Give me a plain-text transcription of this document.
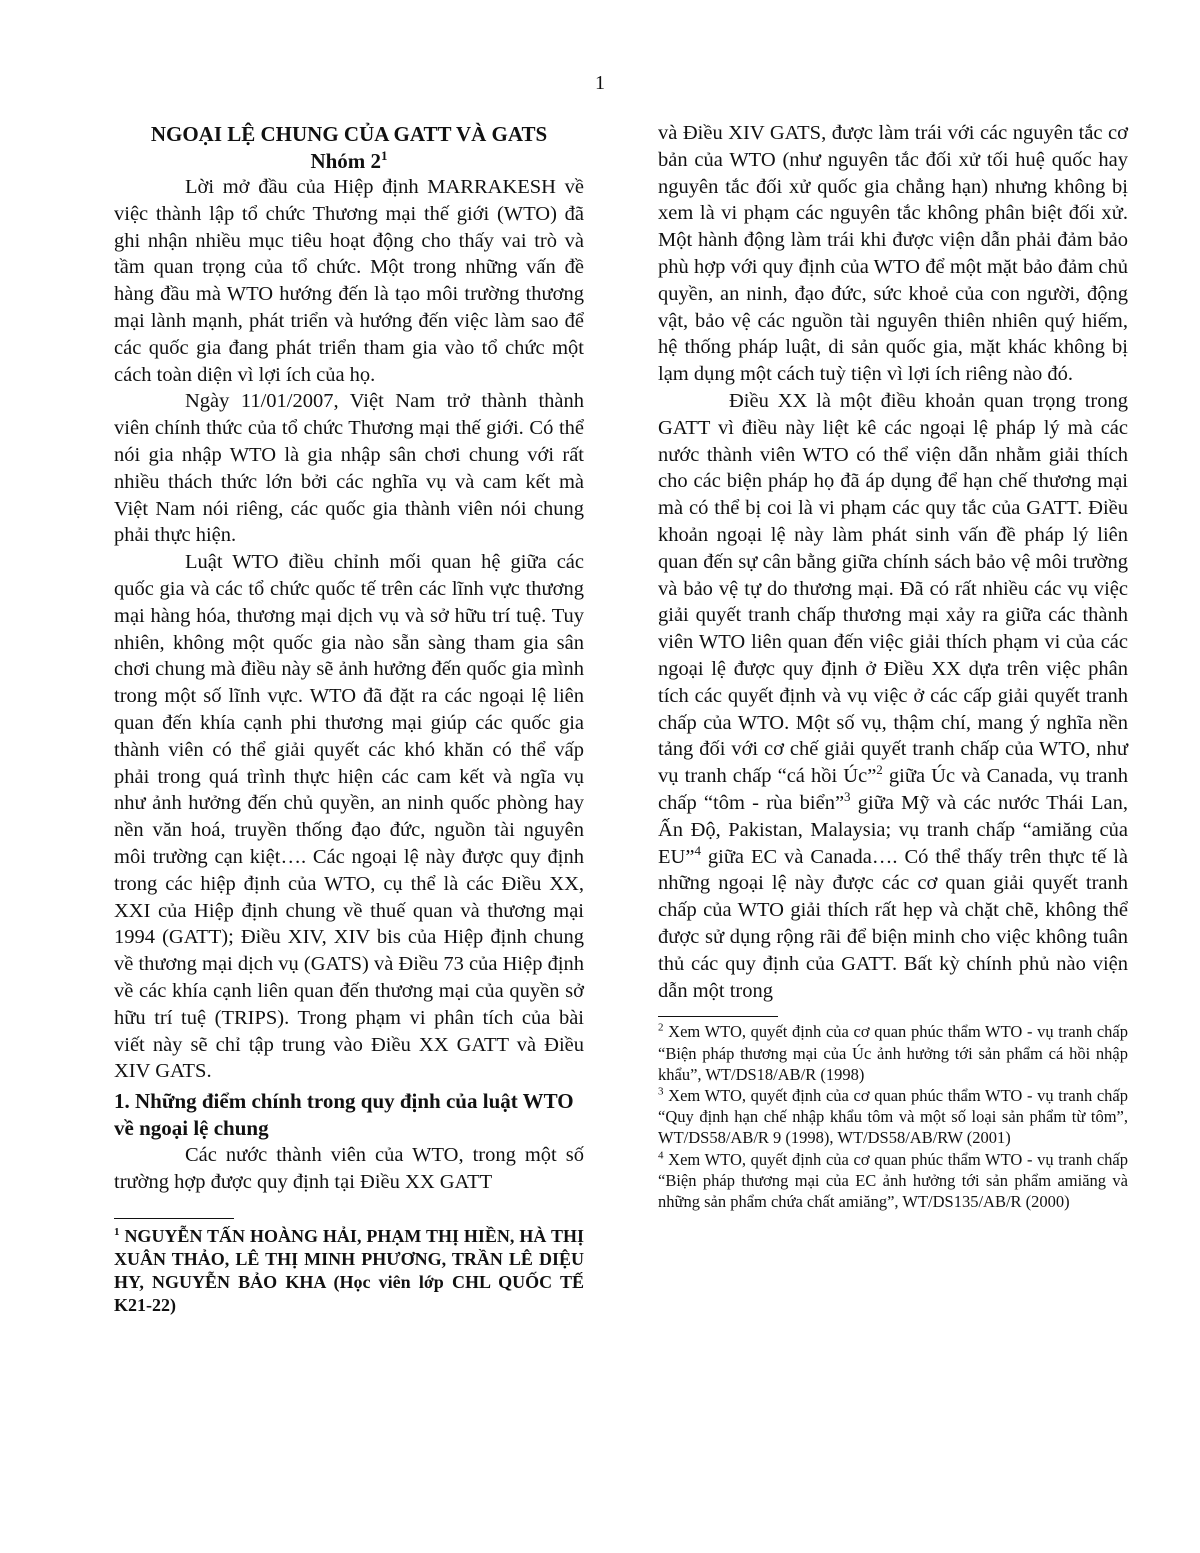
1
NGOẠI LỆ CHUNG CỦA GATT VÀ GATS
Nhóm $2^1$

Lời mở đầu của Hiệp định MARRAKESH về việc thành lập tổ chức Thương mại thế giới (WTO) đã ghi nhận nhiều mục tiêu hoạt động cho thấy vai trò và tầm quan trọng của tổ chức. Một trong những vấn đề hàng đầu mà WTO hướng đến là tạo môi trường thương mại lành mạnh, phát triển và hướng đến việc làm sao để các quốc gia đang phát triển tham gia vào tổ chức một cách toàn diện vì lợi ích của họ.

Ngày 11/01/2007, Việt Nam trở thành thành viên chính thức của tổ chức Thương mại thế giới. Có thể nói gia nhập WTO là gia nhập sân chơi chung với rất nhiều thách thức lớn bởi các nghĩa vụ và cam kết mà Việt Nam nói riêng, các quốc gia thành viên nói chung phải thực hiện.

Luật WTO điều chỉnh mối quan hệ giữa các quốc gia và các tổ chức quốc tế trên các lĩnh vực thương mại hàng hóa, thương mại dịch vụ và sở hữu trí tuệ. Tuy nhiên, không một quốc gia nào sẵn sàng tham gia sân chơi chung mà điều này sẽ ảnh hưởng đến quốc gia mình trong một số lĩnh vực. WTO đã đặt ra các ngoại lệ liên quan đến khía cạnh phi thương mại giúp các quốc gia thành viên có thể giải quyết các khó khăn có thể vấp phải trong quá trình thực hiện các cam kết và ngĩa vụ như ảnh hưởng đến chủ quyền, an ninh quốc phòng hay nền văn hoá, truyền thống đạo đức, nguồn tài nguyên môi trường cạn kiệt…. Các ngoại lệ này được quy định trong các hiệp định của WTO, cụ thể là các Điều XX, XXI của Hiệp định chung về thuế quan và thương mại 1994 (GATT); Điều XIV, XIV bis của Hiệp định chung về thương mại dịch vụ (GATS) và Điều 73 của Hiệp định về các khía cạnh liên quan đến thương mại của quyền sở hữu trí tuệ (TRIPS). Trong phạm vi phân tích của bài viết này sẽ chỉ tập trung vào Điều XX GATT và Điều XIV GATS.

1. Những điểm chính trong quy định của luật WTO về ngoại lệ chung

Các nước thành viên của WTO, trong một số trường hợp được quy định tại Điều XX GATT

$^1$ NGUYỄN TẤN HOÀNG HẢI, PHẠM THỊ HIỀN, HÀ THỊ XUÂN THẢO, LÊ THỊ MINH PHƯƠNG, TRẦN LÊ DIỆU HY, NGUYỄN BẢO KHA (Học viên lớp CHL QUỐC TẾ K21-22)

và Điều XIV GATS, được làm trái với các nguyên tắc cơ bản của WTO (như nguyên tắc đối xử tối huệ quốc hay nguyên tắc đối xử quốc gia chẳng hạn) nhưng không bị xem là vi phạm các nguyên tắc không phân biệt đối xử. Một hành động làm trái khi được viện dẫn phải đảm bảo phù hợp với quy định của WTO để một mặt bảo đảm chủ quyền, an ninh, đạo đức, sức khoẻ của con người, động vật, bảo vệ các nguồn tài nguyên thiên nhiên quý hiếm, hệ thống pháp luật, di sản quốc gia, mặt khác không bị lạm dụng một cách tuỳ tiện vì lợi ích riêng nào đó.

Điều XX là một điều khoản quan trọng trong GATT vì điều này liệt kê các ngoại lệ pháp lý mà các nước thành viên WTO có thể viện dẫn nhằm giải thích cho các biện pháp họ đã áp dụng để hạn chế thương mại mà có thể bị coi là vi phạm các quy tắc của GATT. Điều khoản ngoại lệ này làm phát sinh vấn đề pháp lý liên quan đến sự cân bằng giữa chính sách bảo vệ môi trường và bảo vệ tự do thương mại. Đã có rất nhiều các vụ việc giải quyết tranh chấp thương mại xảy ra giữa các thành viên WTO liên quan đến việc giải thích phạm vi của các ngoại lệ được quy định ở Điều XX dựa trên việc phân tích các quyết định và vụ việc ở các cấp giải quyết tranh chấp của WTO. Một số vụ, thậm chí, mang ý nghĩa nền tảng đối với cơ chế giải quyết tranh chấp của WTO, như vụ tranh chấp “cá hồi Úc”$^2$ giữa Úc và Canada, vụ tranh chấp “tôm - rùa biển”$^3$ giữa Mỹ và các nước Thái Lan, Ấn Độ, Pakistan, Malaysia; vụ tranh chấp “amiăng của EU”$^4$ giữa EC và Canada…. Có thể thấy trên thực tế là những ngoại lệ này được các cơ quan giải quyết tranh chấp của WTO giải thích rất hẹp và chặt chẽ, không thể được sử dụng rộng rãi để biện minh cho việc không tuân thủ các quy định của GATT. Bất kỳ chính phủ nào viện dẫn một trong

$^2$ Xem WTO, quyết định của cơ quan phúc thẩm WTO - vụ tranh chấp “Biện pháp thương mại của Úc ảnh hưởng tới sản phẩm cá hồi nhập khẩu”, WT/DS18/AB/R (1998)

$^3$ Xem WTO, quyết định của cơ quan phúc thẩm WTO - vụ tranh chấp “Quy định hạn chế nhập khẩu tôm và một số loại sản phẩm từ tôm”, WT/DS58/AB/R 9 (1998), WT/DS58/AB/RW (2001)

$^4$ Xem WTO, quyết định của cơ quan phúc thẩm WTO - vụ tranh chấp “Biện pháp thương mại của EC ảnh hưởng tới sản phẩm amiăng và những sản phẩm chứa chất amiăng”, WT/DS135/AB/R (2000)
